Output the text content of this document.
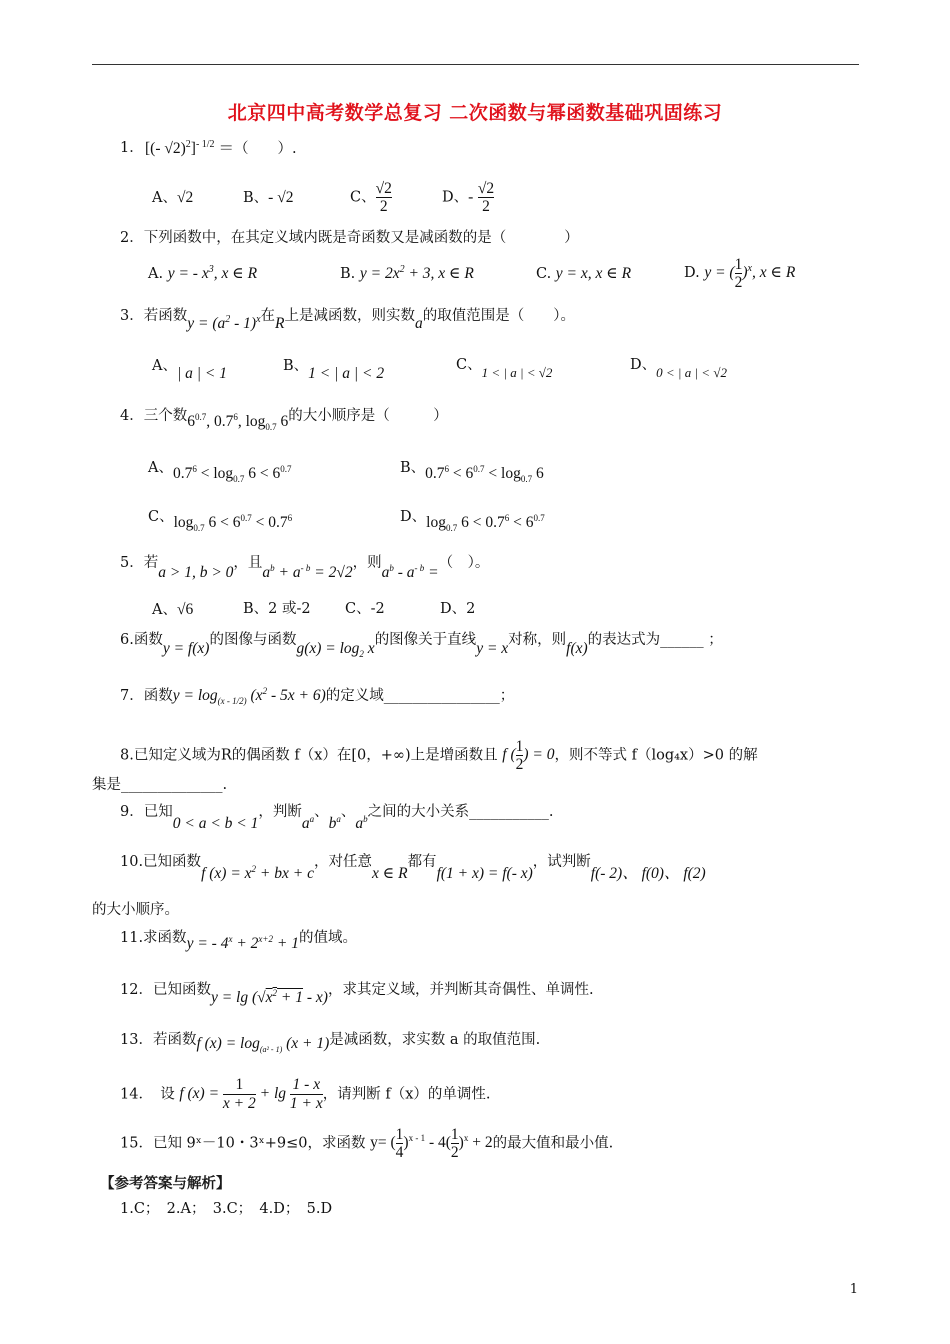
北京四中高考数学总复习 二次函数与幂函数基础巩固练习
1． [(- √2)$^2$]$^{- 1/2}$ ＝（　　）.
A、√2	B、- √2	C、 $\frac{√2}{2}$	D、- $\frac{√2}{2}$
2．下列函数中，在其定义域内既是奇函数又是减函数的是（　　　　）
A. y = - $x^3$, x ∈ R	B. $y = 2x^2 + 3$, x ∈ R	C. y = x, x ∈ R	D. y = ( $\frac{1}{2} )^x$, x ∈ R
3．若函数$y = (a^2 - 1)^x$在R上是减函数，则实数a的取值范围是（　　）。
A、| a | < 1	B、1 < | a | < 2	C、1 < | a | < √2	D、0 < | a | < √2
4．三个数$6^{0.7}$, $0.7^6$, $\log_{0.7} 6$的大小顺序是（　　　）
A、$0.7^6 < \log_{0.7} 6 < 6^{0.7}$	B、$0.7^6 < 6^{0.7} < \log_{0.7} 6$
C、$\log_{0.7} 6 < 6^{0.7} < 0.7^6$	D、$\log_{0.7} 6 < 0.7^6 < 6^{0.7}$
5．若a > 1, b > 0，且$a^b + a^{- b} = 2√2$，则$a^b - a^{- b}$ =（　）。
A、√6	B、2 或-2 C、-2	D、2
6.函数y = f(x)的图像与函数$g(x) = \log_2 x$的图像关于直线y = x对称，则f(x)的表达式为______ ；
7．函数$y = \log_{(x - 1/2)} (x^2 - 5x + 6)$的定义域________________；
8.已知定义域为R的偶函数 f（x）在[0，+∞)上是增函数且 f ( $\frac{1}{2}$ ) = 0，则不等式 f（log₄x）>0 的解
集是______________.
9．已知0 < a < b < 1，判断$a^a$、$b^a$、$a^b$之间的大小关系___________.
10.已知函数f $(x) = x^2$ + bx + c，对任意x ∈ R都有f(1 + x) = f(- x)，试判断f(- 2)、 f(0)、 f(2)
的大小顺序。
11.求函数y = - $4^x + 2^{x+2} + 1$的值域。
12．已知函数$y = \lg (√x^2 + 1 - x)$，求其定义域，并判断其奇偶性、单调性.
13．若函数f $(x) = \log_{(a^2 - 1)} (x + 1)$是减函数，求实数 a 的取值范围.
14．　设 f $(x) = \frac{1}{x + 2} + \lg \frac{1 - x}{1 + x}$ ，请判断 f（x）的单调性.
15．已知 9ˣ－10・3ˣ+9≤0，求函数 y= ( $\frac{1}{4} )^{x - 1} - 4( \frac{1}{2} )^x + 2$的最大值和最小值.
【参考答案与解析】
1.C；　2.A；　3.C；　4.D；　5.D
1
